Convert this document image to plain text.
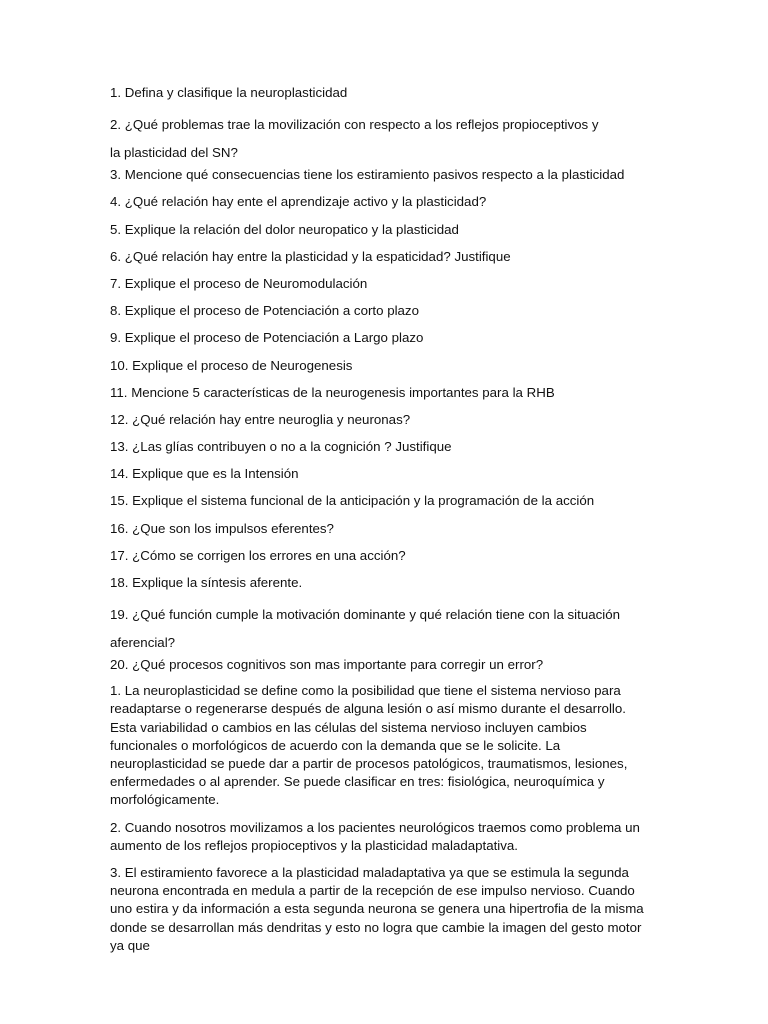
1. Defina y clasifique la neuroplasticidad

2. ¿Qué problemas trae la movilización con respecto a los reflejos propioceptivos y la plasticidad del SN?

3. Mencione qué consecuencias tiene los estiramiento pasivos respecto a la plasticidad

4. ¿Qué relación hay ente el aprendizaje activo y la plasticidad?

5. Explique la relación del dolor neuropatico y la plasticidad

6. ¿Qué relación hay entre la plasticidad y la espaticidad? Justifique

7. Explique el proceso de Neuromodulación

8. Explique el proceso de Potenciación a corto plazo

9. Explique el proceso de Potenciación a Largo plazo

10. Explique el proceso de Neurogenesis

11. Mencione 5 características de la neurogenesis importantes para la RHB

12. ¿Qué relación hay entre neuroglia y neuronas?

13. ¿Las glías contribuyen o no a la cognición ? Justifique

14. Explique que es la Intensión

15. Explique el sistema funcional de la anticipación y la programación de la acción

16. ¿Que son los impulsos eferentes?

17. ¿Cómo se corrigen los errores en una acción?

18. Explique la síntesis aferente.

19. ¿Qué función cumple la motivación dominante y qué relación tiene con la situación aferencial?

20. ¿Qué procesos cognitivos son mas importante para corregir un error?

1. La neuroplasticidad se define como la posibilidad que tiene el sistema nervioso para readaptarse o regenerarse después de alguna lesión o así mismo durante el desarrollo. Esta variabilidad o cambios en las células del sistema nervioso incluyen cambios funcionales o morfológicos de acuerdo con la demanda que se le solicite. La neuroplasticidad se puede dar a partir de procesos patológicos, traumatismos, lesiones, enfermedades o al aprender. Se puede clasificar en tres: fisiológica, neuroquímica y morfológicamente.

2. Cuando nosotros movilizamos a los pacientes neurológicos traemos como problema un aumento de los reflejos propioceptivos y la plasticidad maladaptativa.

3. El estiramiento favorece a la plasticidad maladaptativa ya que se estimula la segunda neurona encontrada en medula a partir de la recepción de ese impulso nervioso. Cuando uno estira y da información a esta segunda neurona se genera una hipertrofia de la misma donde se desarrollan más dendritas y esto no logra que cambie la imagen del gesto motor ya que
